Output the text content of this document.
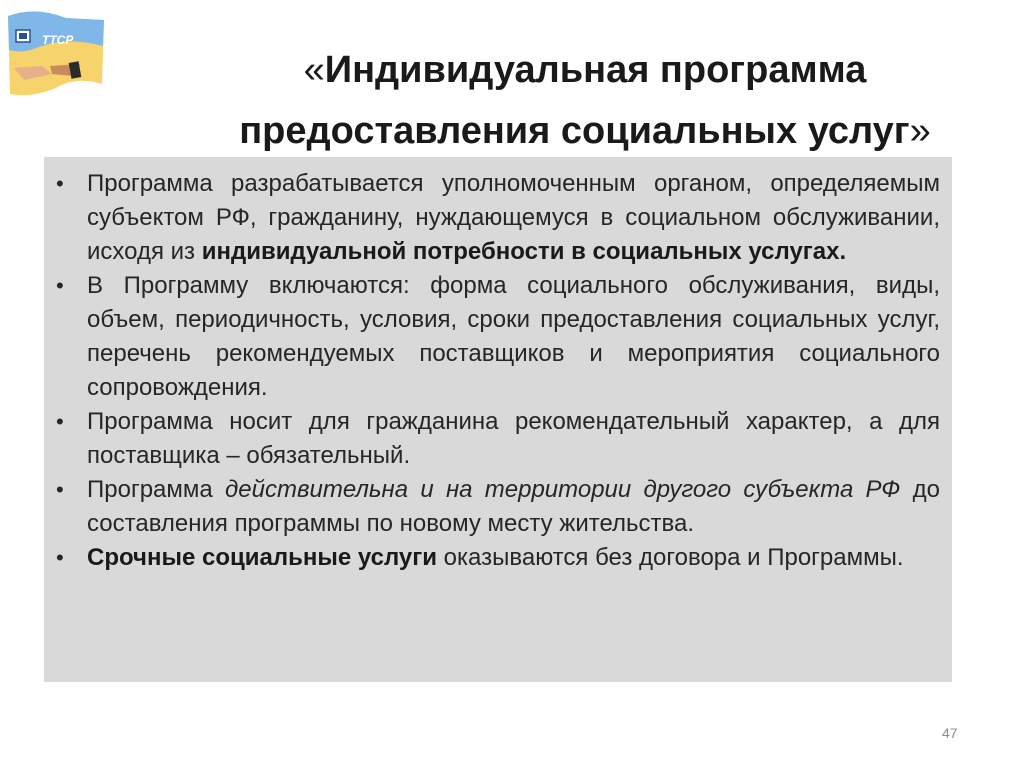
ТТСР
«Индивидуальная программа
предоставления социальных услуг»
• Программа разрабатывается уполномоченным органом, определяемым субъектом РФ, гражданину, нуждающемуся в социальном обслуживании, исходя из индивидуальной потребности в социальных услугах.
• В Программу включаются: форма социального обслуживания, виды, объем, периодичность, условия, сроки предоставления социальных услуг, перечень рекомендуемых поставщиков и мероприятия социального сопровождения.
• Программа носит для гражданина рекомендательный характер, а для поставщика – обязательный.
• Программа действительна и на территории другого субъекта РФ до составления программы по новому месту жительства.
• Срочные социальные услуги оказываются без договора и Программы.
47
